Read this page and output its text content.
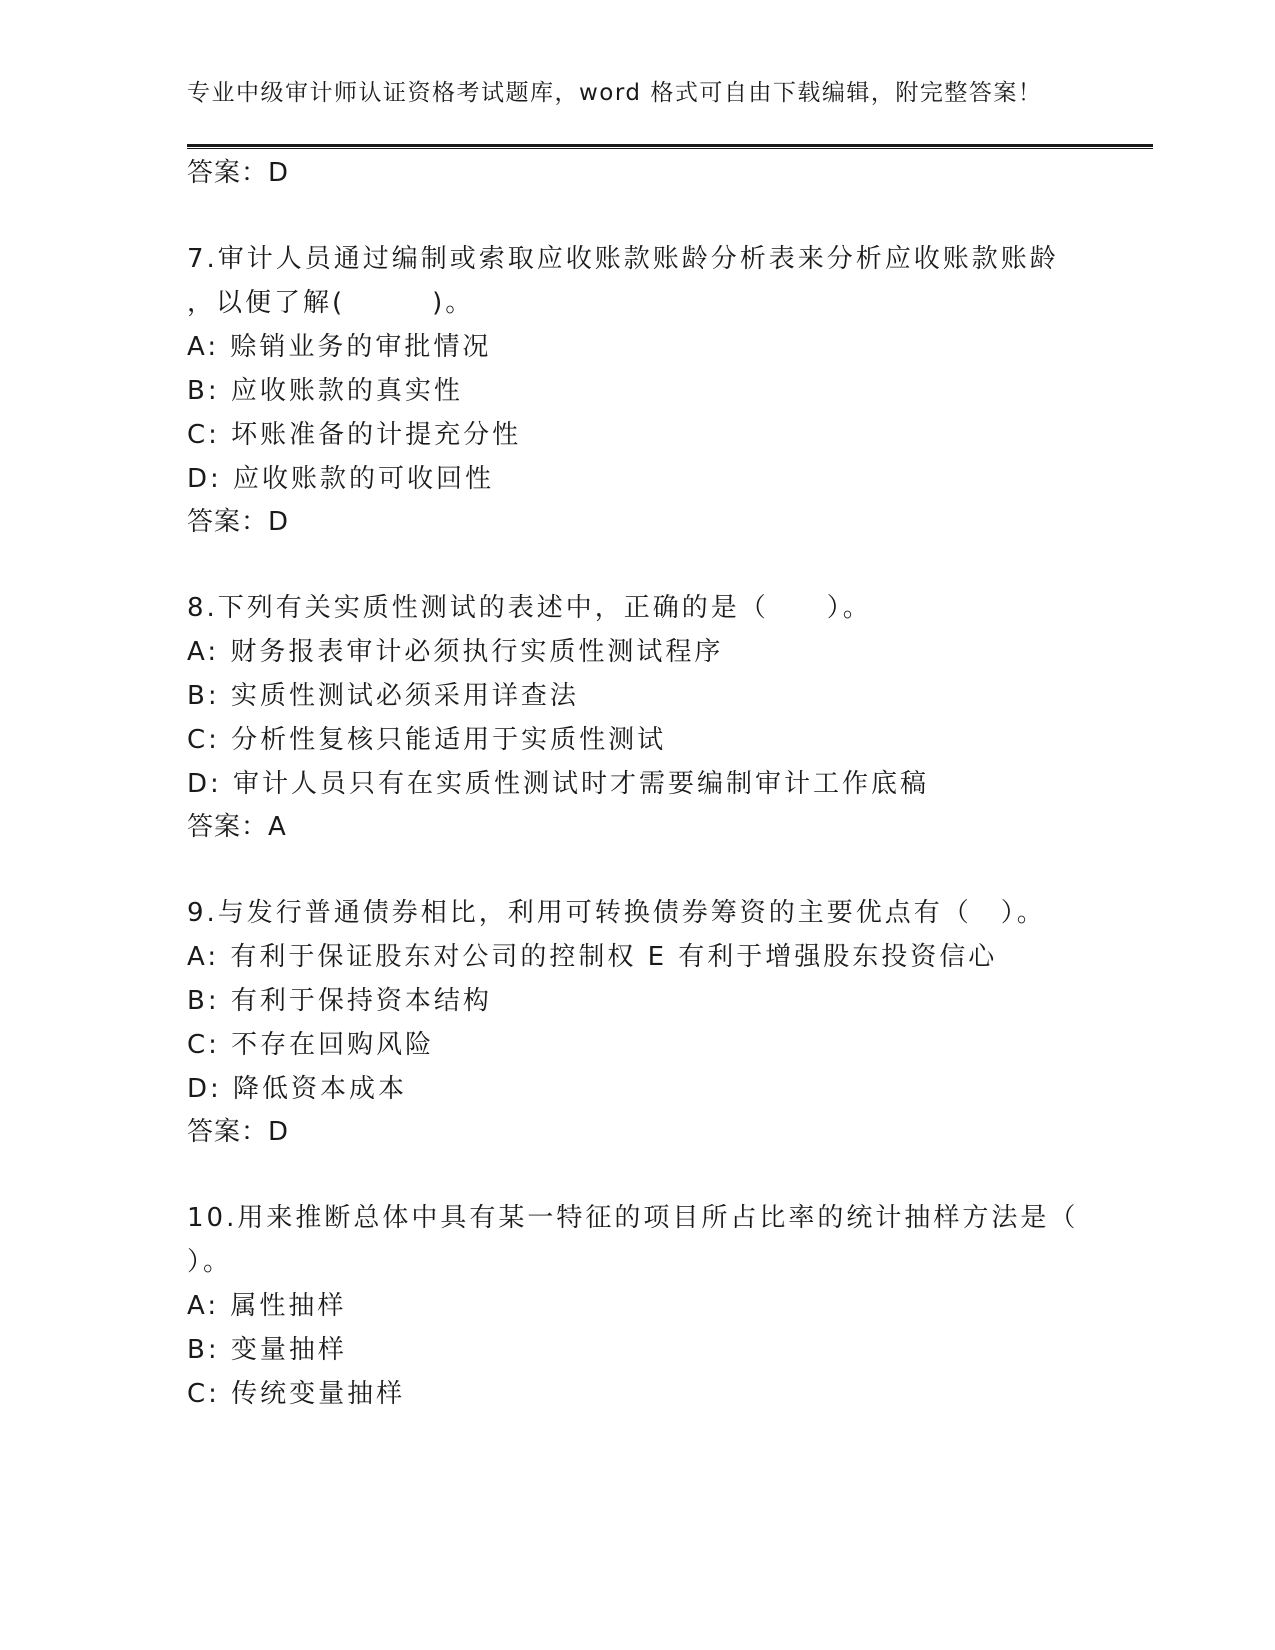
专业中级审计师认证资格考试题库，word 格式可自由下载编辑，附完整答案！
答案：D
7.审计人员通过编制或索取应收账款账龄分析表来分析应收账款账龄
，以便了解(　　　)。
A: 赊销业务的审批情况
B: 应收账款的真实性
C: 坏账准备的计提充分性
D: 应收账款的可收回性
答案：D
8.下列有关实质性测试的表述中，正确的是（　　）。
A: 财务报表审计必须执行实质性测试程序
B: 实质性测试必须采用详查法
C: 分析性复核只能适用于实质性测试
D: 审计人员只有在实质性测试时才需要编制审计工作底稿
答案：A
9.与发行普通债券相比，利用可转换债券筹资的主要优点有（　）。
A: 有利于保证股东对公司的控制权 E 有利于增强股东投资信心
B: 有利于保持资本结构
C: 不存在回购风险
D: 降低资本成本
答案：D
10.用来推断总体中具有某一特征的项目所占比率的统计抽样方法是（
）。
A: 属性抽样
B: 变量抽样
C: 传统变量抽样
